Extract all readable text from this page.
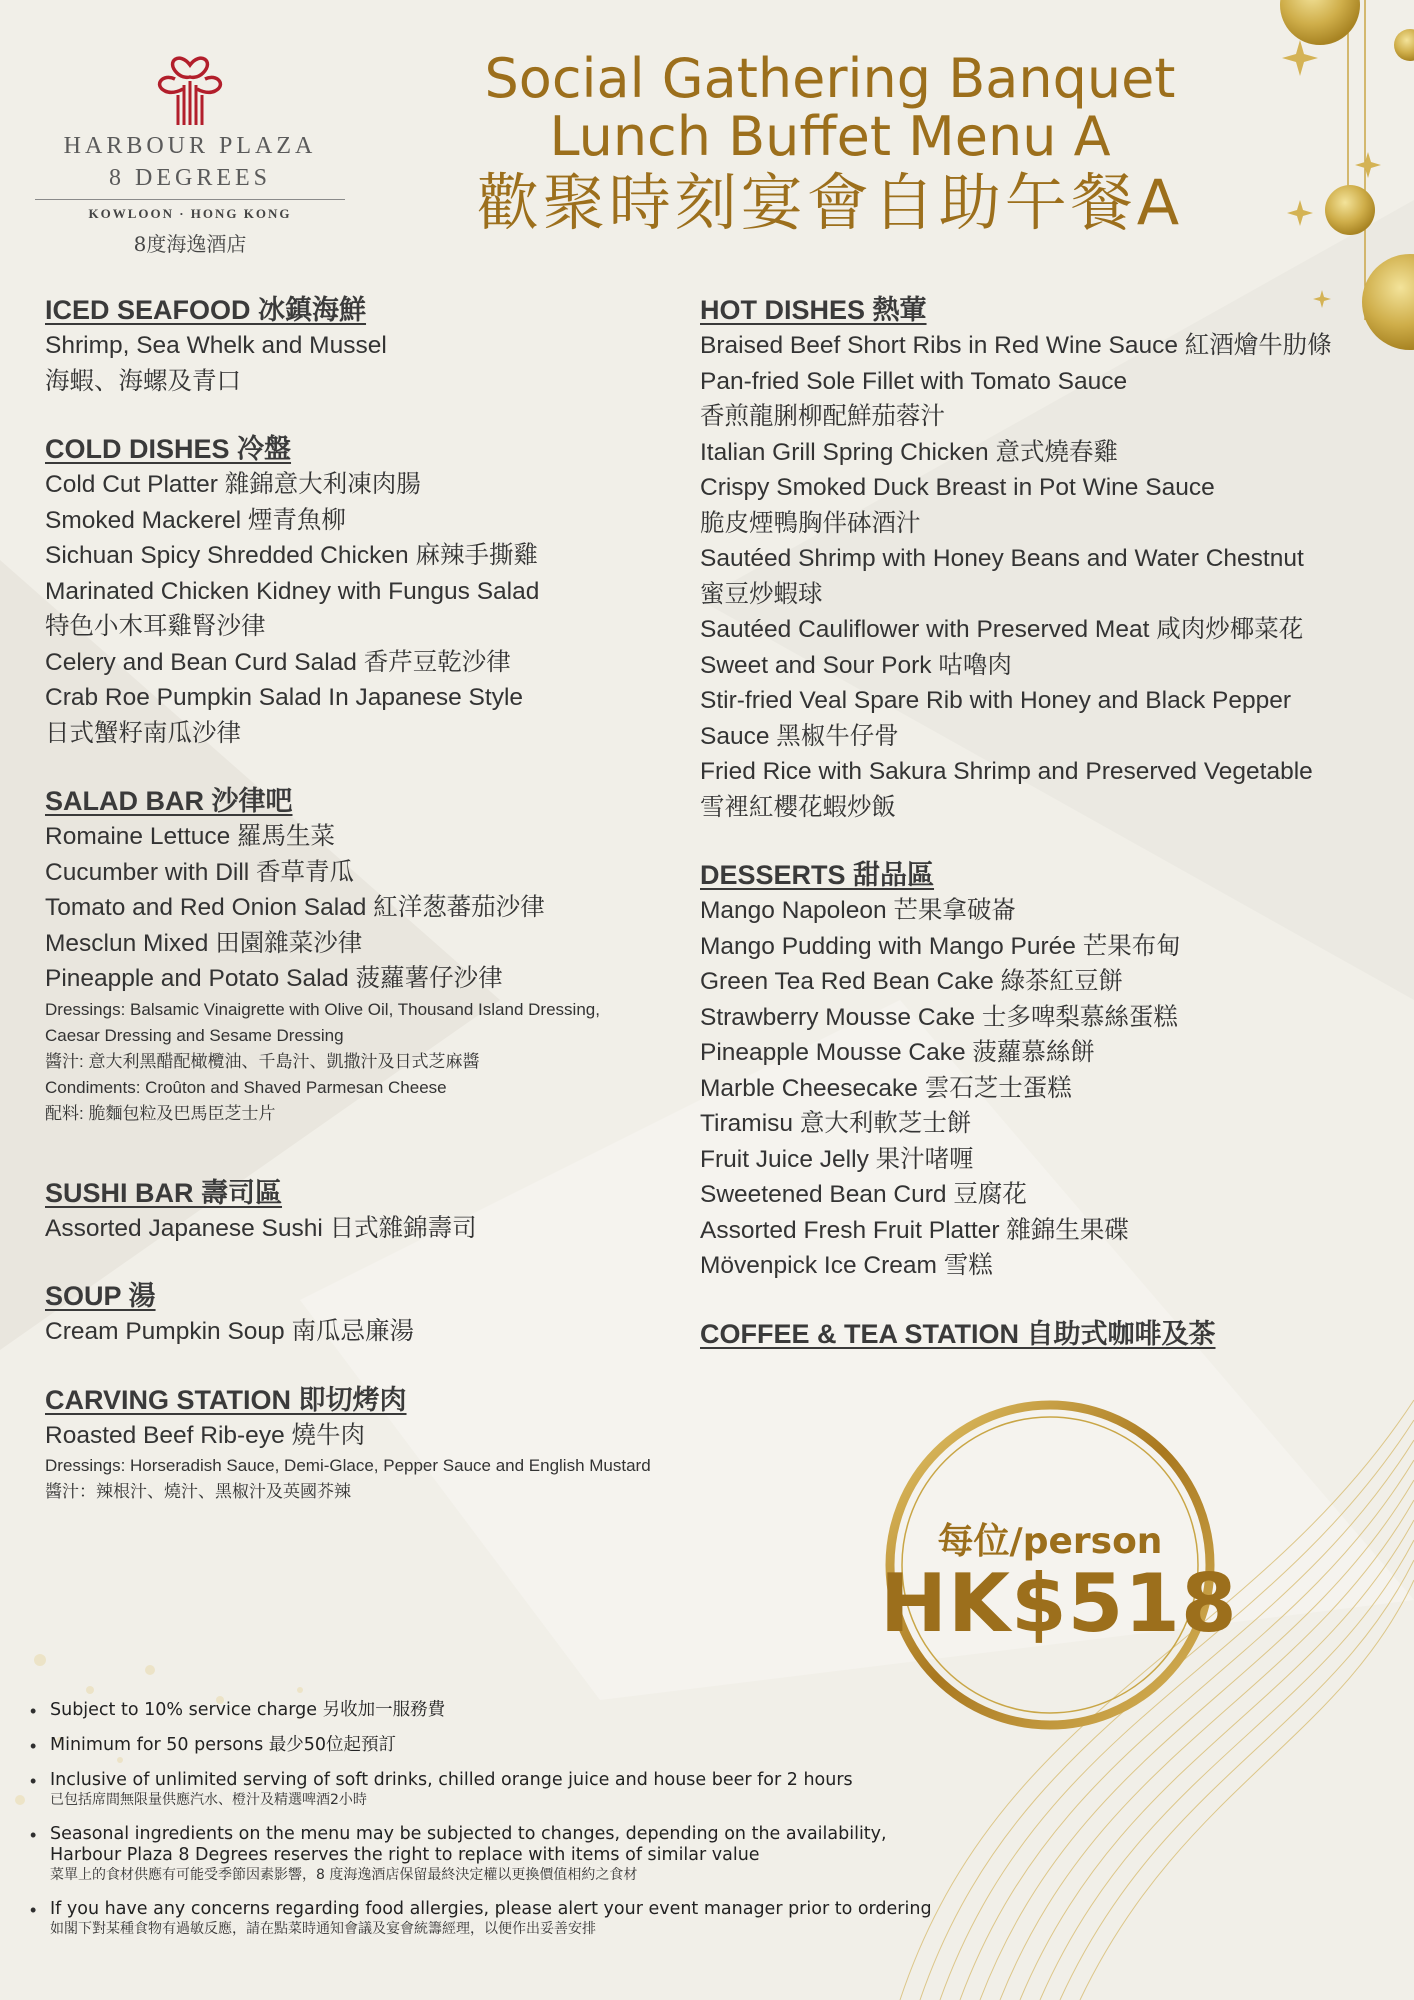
HARBOUR PLAZA
8 DEGREES
KOWLOON · HONG KONG
8度海逸酒店
Social Gathering Banquet
Lunch Buffet Menu A
歡聚時刻宴會自助午餐A
ICED SEAFOOD 冰鎮海鮮
Shrimp, Sea Whelk and Mussel
海蝦、海螺及青口
COLD DISHES 冷盤
Cold Cut Platter 雜錦意大利凍肉腸
Smoked Mackerel 煙青魚柳
Sichuan Spicy Shredded Chicken 麻辣手撕雞
Marinated Chicken Kidney with Fungus Salad
特色小木耳雞腎沙律
Celery and Bean Curd Salad 香芹豆乾沙律
Crab Roe Pumpkin Salad In Japanese Style
日式蟹籽南瓜沙律
SALAD BAR 沙律吧
Romaine Lettuce 羅馬生菜
Cucumber with Dill 香草青瓜
Tomato and Red Onion Salad 紅洋葱蕃茄沙律
Mesclun Mixed 田園雜菜沙律
Pineapple and Potato Salad 菠蘿薯仔沙律
Dressings: Balsamic Vinaigrette with Olive Oil, Thousand Island Dressing,
Caesar Dressing and Sesame Dressing
醬汁: 意大利黑醋配橄欖油、千島汁、凱撒汁及日式芝麻醬
Condiments: Croûton and Shaved Parmesan Cheese
配料: 脆麵包粒及巴馬臣芝士片
SUSHI BAR 壽司區
Assorted Japanese Sushi 日式雜錦壽司
SOUP 湯
Cream Pumpkin Soup 南瓜忌廉湯
CARVING STATION 即切烤肉
Roasted Beef Rib-eye 燒牛肉
Dressings: Horseradish Sauce, Demi-Glace, Pepper Sauce and English Mustard
醬汁：辣根汁、燒汁、黑椒汁及英國芥辣
HOT DISHES 熱葷
Braised Beef Short Ribs in Red Wine Sauce 紅酒燴牛肋條
Pan-fried Sole Fillet with Tomato Sauce
香煎龍脷柳配鮮茄蓉汁
Italian Grill Spring Chicken 意式燒春雞
Crispy Smoked Duck Breast in Pot Wine Sauce
脆皮煙鴨胸伴砵酒汁
Sautéed Shrimp with Honey Beans and Water Chestnut
蜜豆炒蝦球
Sautéed Cauliflower with Preserved Meat 咸肉炒椰菜花
Sweet and Sour Pork 咕嚕肉
Stir-fried Veal Spare Rib with Honey and Black Pepper
Sauce 黑椒牛仔骨
Fried Rice with Sakura Shrimp and Preserved Vegetable
雪裡紅櫻花蝦炒飯
DESSERTS 甜品區
Mango Napoleon 芒果拿破崙
Mango Pudding with Mango Purée 芒果布甸
Green Tea Red Bean Cake 綠茶紅豆餅
Strawberry Mousse Cake 士多啤梨慕絲蛋糕
Pineapple Mousse Cake 菠蘿慕絲餅
Marble Cheesecake 雲石芝士蛋糕
Tiramisu 意大利軟芝士餅
Fruit Juice Jelly 果汁啫喱
Sweetened Bean Curd 豆腐花
Assorted Fresh Fruit Platter 雜錦生果碟
Mövenpick Ice Cream 雪糕
COFFEE & TEA STATION 自助式咖啡及茶
每位/person
HK$518
• Subject to 10% service charge 另收加一服務費
• Minimum for 50 persons 最少50位起預訂
• Inclusive of unlimited serving of soft drinks, chilled orange juice and house beer for 2 hours
已包括席間無限量供應汽水、橙汁及精選啤酒2小時
• Seasonal ingredients on the menu may be subjected to changes, depending on the availability,
Harbour Plaza 8 Degrees reserves the right to replace with items of similar value
菜單上的食材供應有可能受季節因素影響，8 度海逸酒店保留最終決定權以更換價值相約之食材
• If you have any concerns regarding food allergies, please alert your event manager prior to ordering
如閣下對某種食物有過敏反應，請在點菜時通知會議及宴會統籌經理，以便作出妥善安排
